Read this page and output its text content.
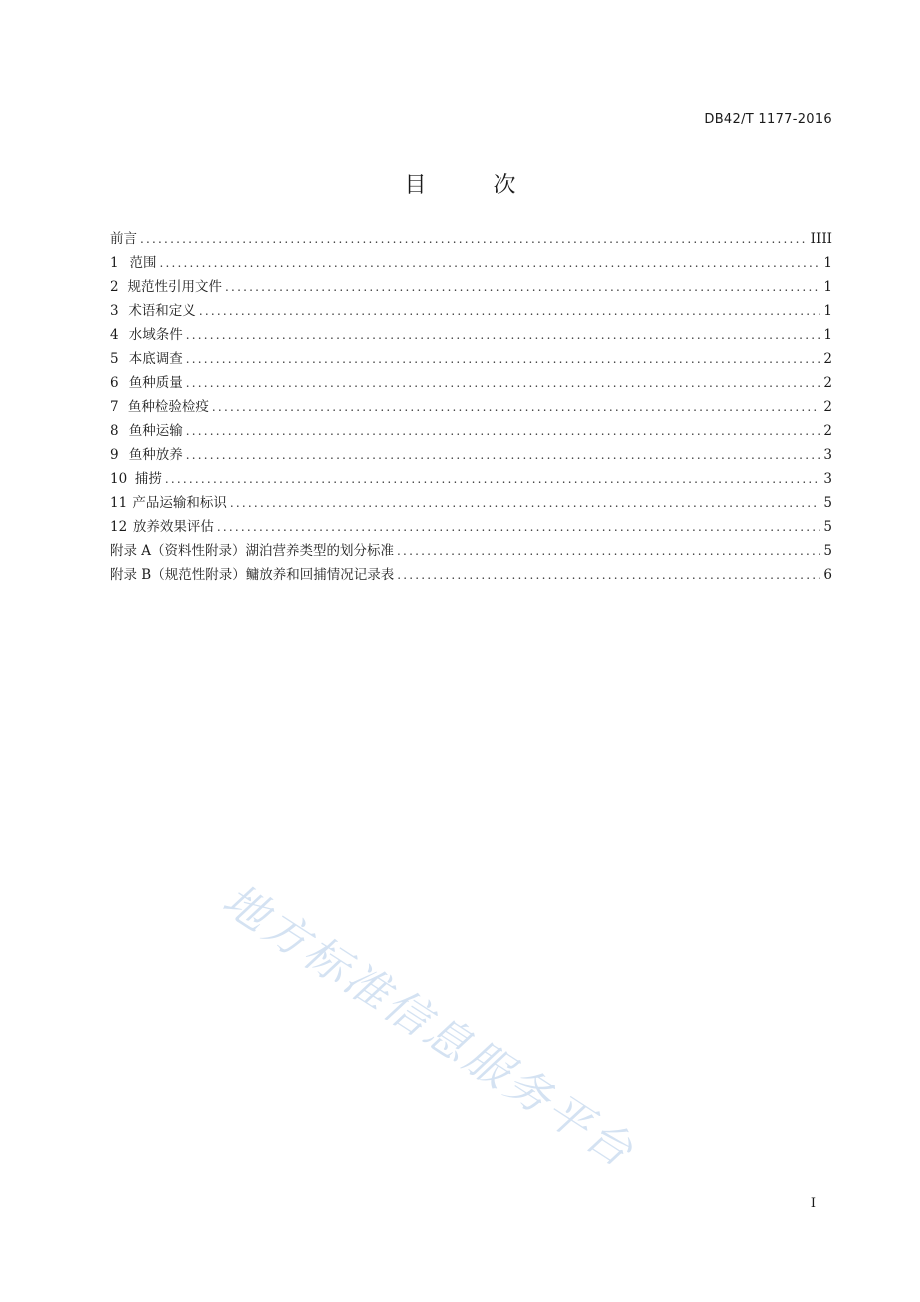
DB42/T 1177-2016
目 次
前言 .....	IIII
1 范围 .....	1
2 规范性引用文件 .....	1
3 术语和定义 .....	1
4 水域条件 .....	1
5 本底调查 .....	2
6 鱼种质量 .....	2
7 鱼种检验检疫 .....	2
8 鱼种运输 .....	2
9 鱼种放养 .....	3
10 捕捞 .....	3
11 产品运输和标识 .....	5
12 放养效果评估 .....	5
附录 A（资料性附录）湖泊营养类型的划分标准 .....	5
附录 B（规范性附录）鳙放养和回捕情况记录表 .....	6
地方标准信息服务平台
I
